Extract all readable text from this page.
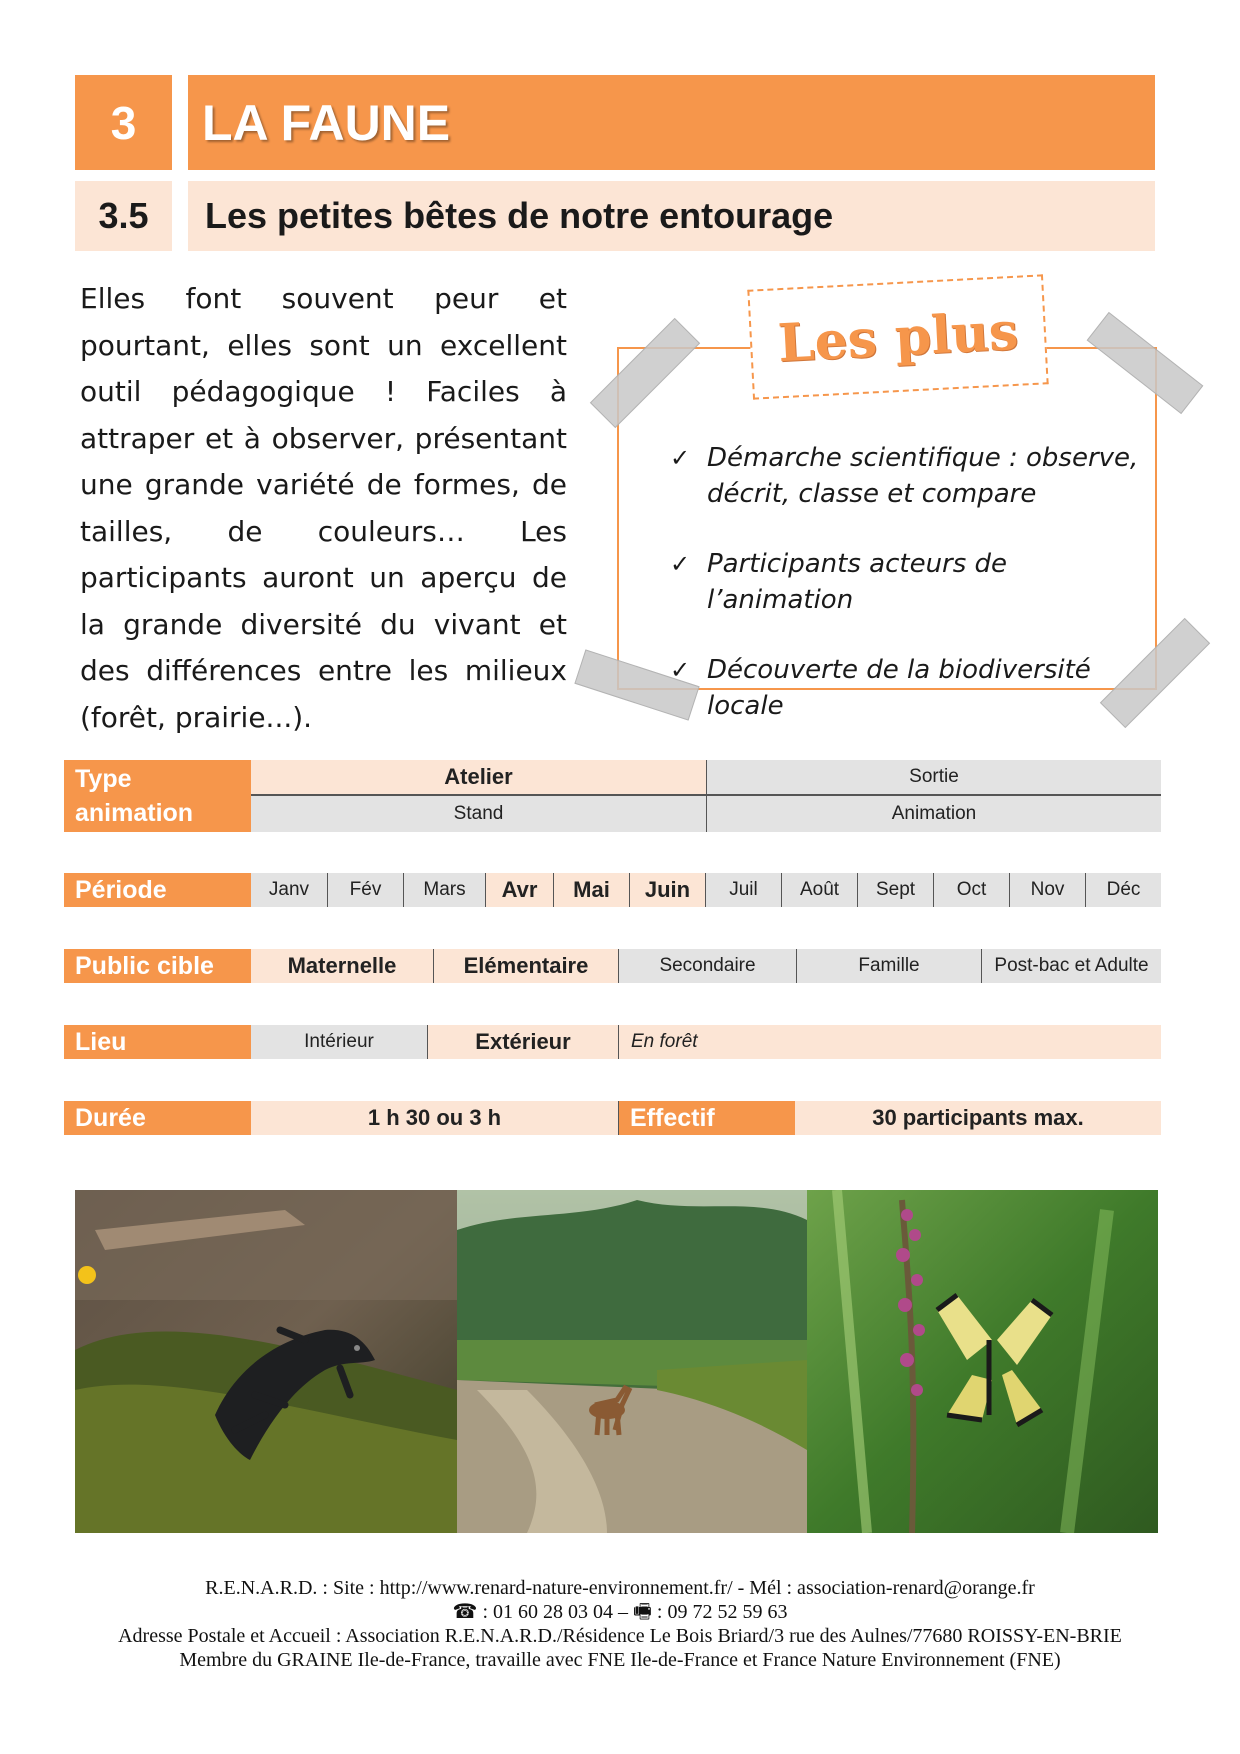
3	LA FAUNE
3.5	Les petites bêtes de notre entourage

Elles font souvent peur et pourtant, elles sont un excellent outil pédagogique ! Faciles à attraper et à observer, présentant une grande variété de formes, de tailles, de couleurs… Les participants auront un aperçu de la grande diversité du vivant et des différences entre les milieux (forêt, prairie...).

Les plus
✓ Démarche scientifique : observe, décrit, classe et compare
✓ Participants acteurs de l’animation
✓ Découverte de la biodiversité locale
Type animation
Atelier	Sortie
Stand	Animation
Période	Janv	Fév	Mars	Avr	Mai	Juin	Juil	Août	Sept	Oct	Nov	Déc
Public cible	Maternelle	Elémentaire	Secondaire	Famille	Post-bac et Adulte
Lieu	Intérieur	Extérieur	En forêt
Durée	1 h 30 ou 3 h	Effectif	30 participants max.
R.E.N.A.R.D. : Site : http://www.renard-nature-environnement.fr/ - Mél : association-renard@orange.fr
☎ : 01 60 28 03 04 – 🖷 : 09 72 52 59 63
Adresse Postale et Accueil : Association R.E.N.A.R.D./Résidence Le Bois Briard/3 rue des Aulnes/77680 ROISSY-EN-BRIE
Membre du GRAINE Ile-de-France, travaille avec FNE Ile-de-France et France Nature Environnement (FNE)
